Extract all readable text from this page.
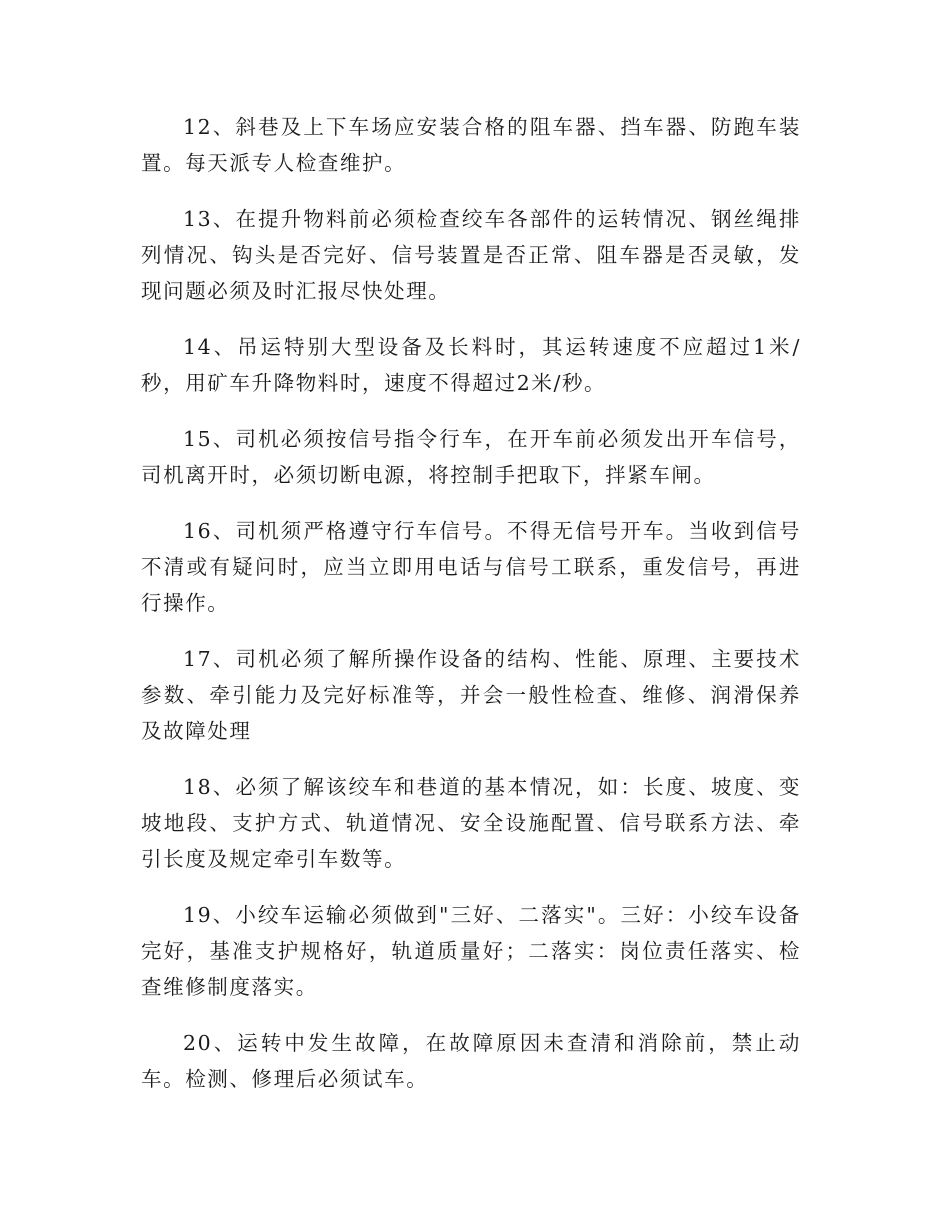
12、斜巷及上下车场应安装合格的阻车器、挡车器、防跑车装置。每天派专人检查维护。

13、在提升物料前必须检查绞车各部件的运转情况、钢丝绳排列情况、钩头是否完好、信号装置是否正常、阻车器是否灵敏，发现问题必须及时汇报尽快处理。

14、吊运特别大型设备及长料时，其运转速度不应超过1米/秒，用矿车升降物料时，速度不得超过2米/秒。

15、司机必须按信号指令行车，在开车前必须发出开车信号，司机离开时，必须切断电源，将控制手把取下，拌紧车闸。

16、司机须严格遵守行车信号。不得无信号开车。当收到信号不清或有疑问时，应当立即用电话与信号工联系，重发信号，再进行操作。

17、司机必须了解所操作设备的结构、性能、原理、主要技术参数、牵引能力及完好标准等，并会一般性检查、维修、润滑保养及故障处理

18、必须了解该绞车和巷道的基本情况，如：长度、坡度、变坡地段、支护方式、轨道情况、安全设施配置、信号联系方法、牵引长度及规定牵引车数等。

19、小绞车运输必须做到"三好、二落实"。三好：小绞车设备完好，基准支护规格好，轨道质量好；二落实：岗位责任落实、检查维修制度落实。

20、运转中发生故障，在故障原因未查清和消除前，禁止动车。检测、修理后必须试车。
